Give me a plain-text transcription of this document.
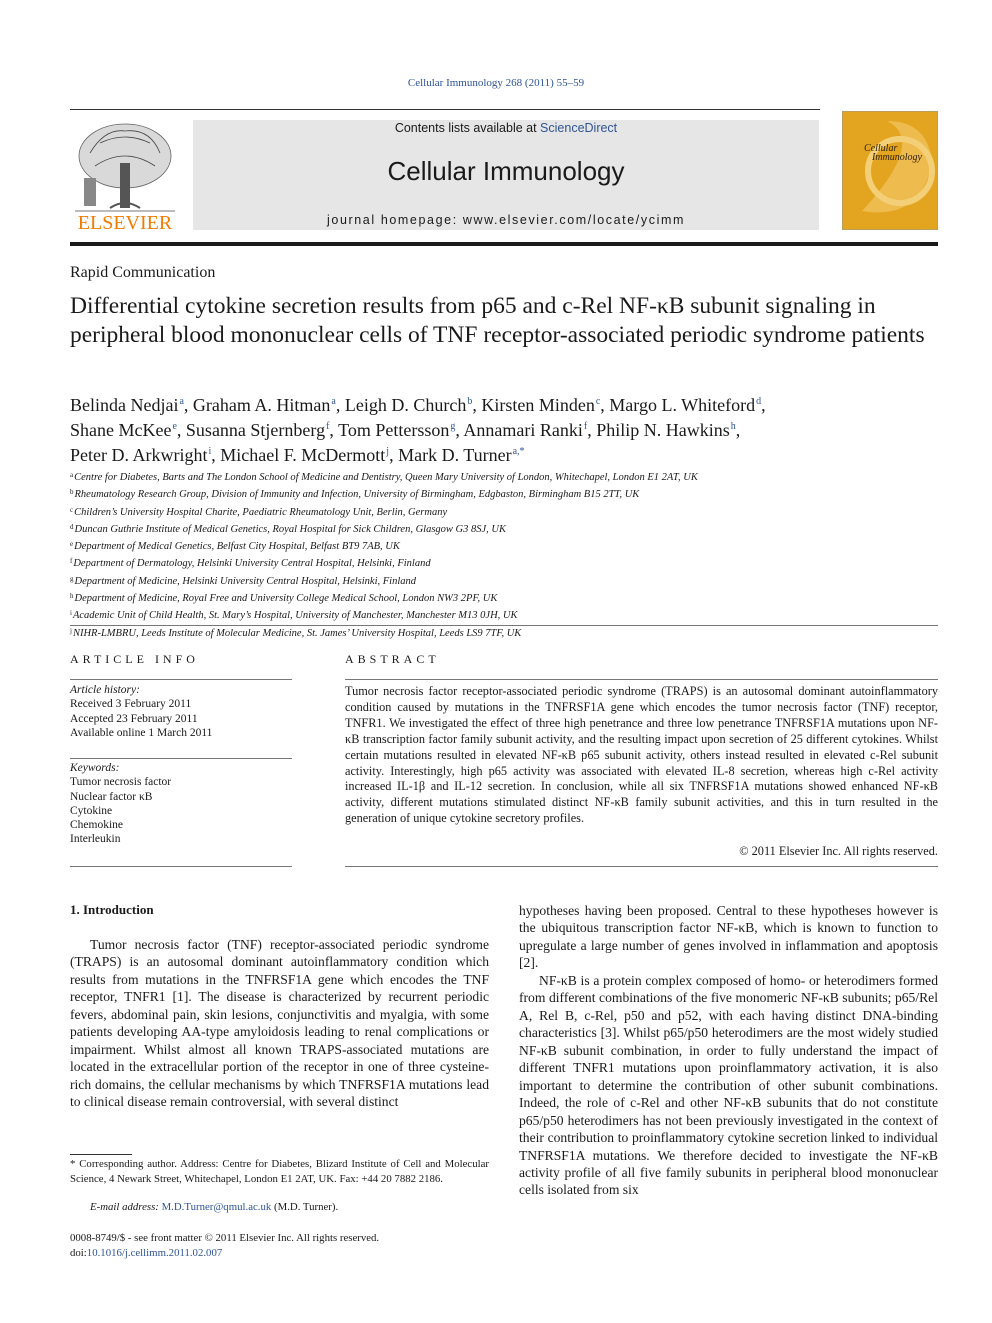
Cellular Immunology 268 (2011) 55–59
ELSEVIER
Contents lists available at ScienceDirect
Cellular Immunology
journal homepage: www.elsevier.com/locate/ycimm
Cellular
Immunology
Rapid Communication
Differential cytokine secretion results from p65 and c-Rel NF-κB subunit signaling in peripheral blood mononuclear cells of TNF receptor-associated periodic syndrome patients
Belinda Nedjai$^a$, Graham A. Hitman$^a$, Leigh D. Church$^b$, Kirsten Minden$^c$, Margo L. Whiteford$^d$,
Shane McKee$^e$, Susanna Stjernberg$^f$, Tom Pettersson$^g$, Annamari Ranki$^f$, Philip N. Hawkins$^h$,
Peter D. Arkwright$^i$, Michael F. McDermott$^j$, Mark D. Turner$^{a,*}$
$^a$Centre for Diabetes, Barts and The London School of Medicine and Dentistry, Queen Mary University of London, Whitechapel, London E1 2AT, UK
$^b$Rheumatology Research Group, Division of Immunity and Infection, University of Birmingham, Edgbaston, Birmingham B15 2TT, UK
$^c$Children’s University Hospital Charite, Paediatric Rheumatology Unit, Berlin, Germany
$^d$Duncan Guthrie Institute of Medical Genetics, Royal Hospital for Sick Children, Glasgow G3 8SJ, UK
$^e$Department of Medical Genetics, Belfast City Hospital, Belfast BT9 7AB, UK
$^f$Department of Dermatology, Helsinki University Central Hospital, Helsinki, Finland
$^g$Department of Medicine, Helsinki University Central Hospital, Helsinki, Finland
$^h$Department of Medicine, Royal Free and University College Medical School, London NW3 2PF, UK
$^i$Academic Unit of Child Health, St. Mary’s Hospital, University of Manchester, Manchester M13 0JH, UK
$^j$NIHR-LMBRU, Leeds Institute of Molecular Medicine, St. James’ University Hospital, Leeds LS9 7TF, UK
ARTICLE INFO	ABSTRACT
Article history:
Received 3 February 2011
Accepted 23 February 2011
Available online 1 March 2011
Keywords:
Tumor necrosis factor
Nuclear factor κB
Cytokine
Chemokine
Interleukin
Tumor necrosis factor receptor-associated periodic syndrome (TRAPS) is an autosomal dominant autoinflammatory condition caused by mutations in the TNFRSF1A gene which encodes the tumor necrosis factor (TNF) receptor, TNFR1. We investigated the effect of three high penetrance and three low penetrance TNFRSF1A mutations upon NF-κB transcription factor family subunit activity, and the resulting impact upon secretion of 25 different cytokines. Whilst certain mutations resulted in elevated NF-κB p65 subunit activity, others instead resulted in elevated c-Rel subunit activity. Interestingly, high p65 activity was associated with elevated IL-8 secretion, whereas high c-Rel activity increased IL-1β and IL-12 secretion. In conclusion, while all six TNFRSF1A mutations showed enhanced NF-κB activity, different mutations stimulated distinct NF-κB family subunit activities, and this in turn resulted in the generation of unique cytokine secretory profiles.
© 2011 Elsevier Inc. All rights reserved.
1. Introduction
Tumor necrosis factor (TNF) receptor-associated periodic syndrome (TRAPS) is an autosomal dominant autoinflammatory condition which results from mutations in the TNFRSF1A gene which encodes the TNF receptor, TNFR1 [1]. The disease is characterized by recurrent periodic fevers, abdominal pain, skin lesions, conjunctivitis and myalgia, with some patients developing AA-type amyloidosis leading to renal complications or impairment. Whilst almost all known TRAPS-associated mutations are located in the extracellular portion of the receptor in one of three cysteine-rich domains, the cellular mechanisms by which TNFRSF1A mutations lead to clinical disease remain controversial, with several distinct
hypotheses having been proposed. Central to these hypotheses however is the ubiquitous transcription factor NF-κB, which is known to function to upregulate a large number of genes involved in inflammation and apoptosis [2].
NF-κB is a protein complex composed of homo- or heterodimers formed from different combinations of the five monomeric NF-κB subunits; p65/Rel A, Rel B, c-Rel, p50 and p52, with each having distinct DNA-binding characteristics [3]. Whilst p65/p50 heterodimers are the most widely studied NF-κB subunit combination, in order to fully understand the impact of different TNFR1 mutations upon proinflammatory activation, it is also important to determine the contribution of other subunit combinations. Indeed, the role of c-Rel and other NF-κB subunits that do not constitute p65/p50 heterodimers has not been previously investigated in the context of their contribution to proinflammatory cytokine secretion linked to individual TNFRSF1A mutations. We therefore decided to investigate the NF-κB activity profile of all five family subunits in peripheral blood mononuclear cells isolated from six
* Corresponding author. Address: Centre for Diabetes, Blizard Institute of Cell and Molecular Science, 4 Newark Street, Whitechapel, London E1 2AT, UK. Fax: +44 20 7882 2186.
E-mail address: M.D.Turner@qmul.ac.uk (M.D. Turner).
0008-8749/$ - see front matter © 2011 Elsevier Inc. All rights reserved.
doi:10.1016/j.cellimm.2011.02.007
